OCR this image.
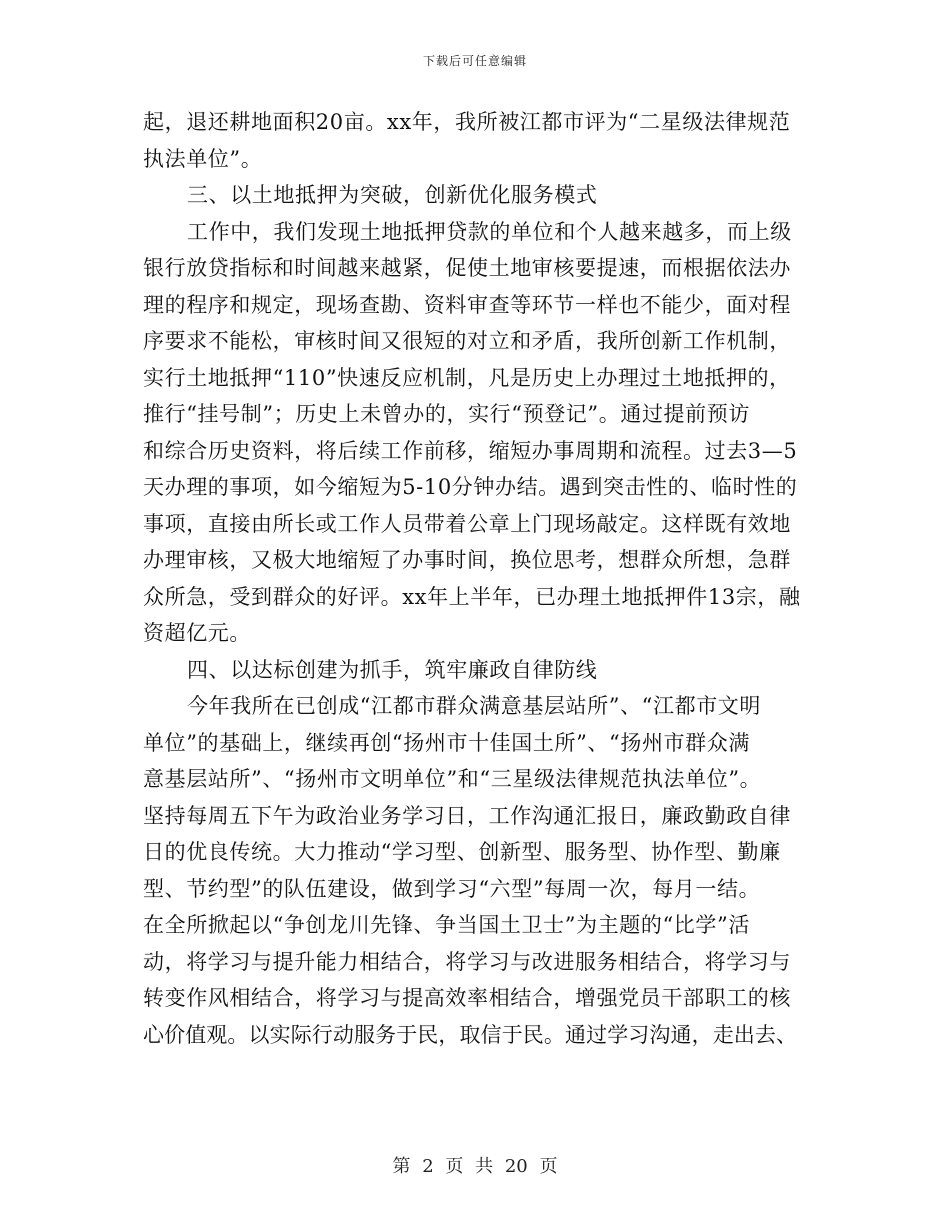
下载后可任意编辑
起，退还耕地面积20亩。xx年，我所被江都市评为“二星级法律规范
执法单位”。
三、以土地抵押为突破，创新优化服务模式
工作中，我们发现土地抵押贷款的单位和个人越来越多，而上级
银行放贷指标和时间越来越紧，促使土地审核要提速，而根据依法办
理的程序和规定，现场查勘、资料审查等环节一样也不能少，面对程
序要求不能松，审核时间又很短的对立和矛盾，我所创新工作机制，
实行土地抵押“110”快速反应机制，凡是历史上办理过土地抵押的，
推行“挂号制”；历史上未曾办的，实行“预登记”。通过提前预访
和综合历史资料，将后续工作前移，缩短办事周期和流程。过去3—5
天办理的事项，如今缩短为5-10分钟办结。遇到突击性的、临时性的
事项，直接由所长或工作人员带着公章上门现场敲定。这样既有效地
办理审核，又极大地缩短了办事时间，换位思考，想群众所想，急群
众所急，受到群众的好评。xx年上半年，已办理土地抵押件13宗，融
资超亿元。
四、以达标创建为抓手，筑牢廉政自律防线
今年我所在已创成“江都市群众满意基层站所”、“江都市文明
单位”的基础上，继续再创“扬州市十佳国土所”、“扬州市群众满
意基层站所”、“扬州市文明单位”和“三星级法律规范执法单位”。
坚持每周五下午为政治业务学习日，工作沟通汇报日，廉政勤政自律
日的优良传统。大力推动“学习型、创新型、服务型、协作型、勤廉
型、节约型”的队伍建设，做到学习“六型”每周一次，每月一结。
在全所掀起以“争创龙川先锋、争当国土卫士”为主题的“比学”活
动，将学习与提升能力相结合，将学习与改进服务相结合，将学习与
转变作风相结合，将学习与提高效率相结合，增强党员干部职工的核
心价值观。以实际行动服务于民，取信于民。通过学习沟通，走出去、
第 2 页 共 20 页
